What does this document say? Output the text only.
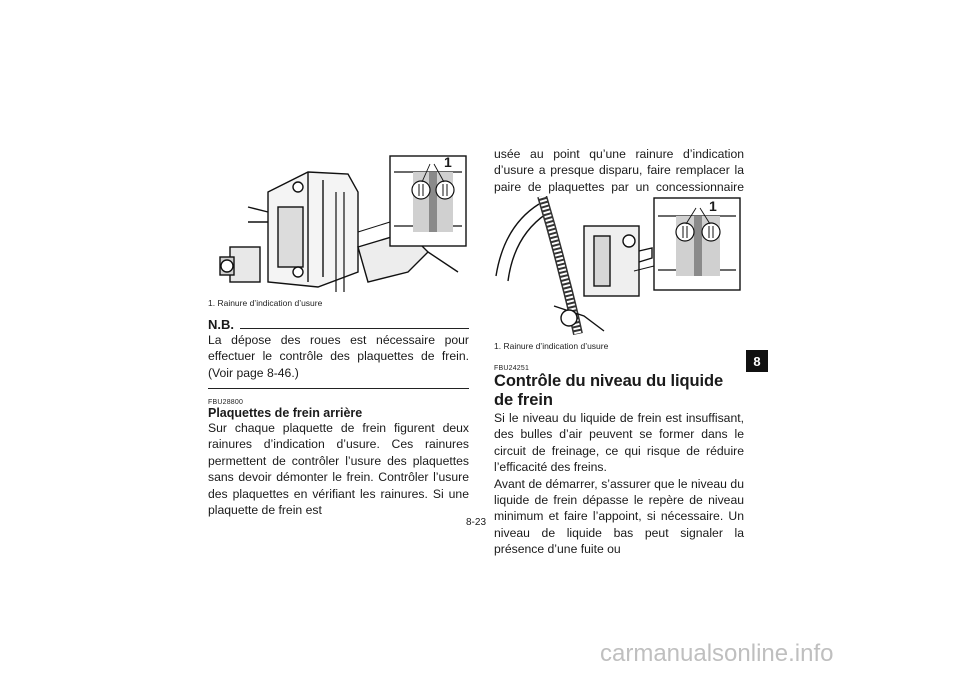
1
1. Rainure d’indication d’usure
N.B.

La dépose des roues est nécessaire pour effectuer le contrôle des plaquettes de frein. (Voir page 8-46.)

FBU28800
Plaquettes de frein arrière

Sur chaque plaquette de frein figurent deux rainures d’indication d’usure. Ces rainures permettent de contrôler l’usure des plaquettes sans devoir démonter le frein. Contrôler l’usure des plaquettes en vérifiant les rainures. Si une plaquette de frein est

usée au point qu’une rainure d’indication d’usure a presque disparu, faire remplacer la paire de plaquettes par un concessionnaire

1
1. Rainure d’indication d’usure
FBU24251
Contrôle du niveau du liquide de frein

Si le niveau du liquide de frein est insuffisant, des bulles d’air peuvent se former dans le circuit de freinage, ce qui risque de réduire l’efficacité des freins.

Avant de démarrer, s’assurer que le niveau du liquide de frein dépasse le repère de niveau minimum et faire l’appoint, si nécessaire. Un niveau de liquide bas peut signaler la présence d’une fuite ou

8
8-23
carmanualsonline.info
